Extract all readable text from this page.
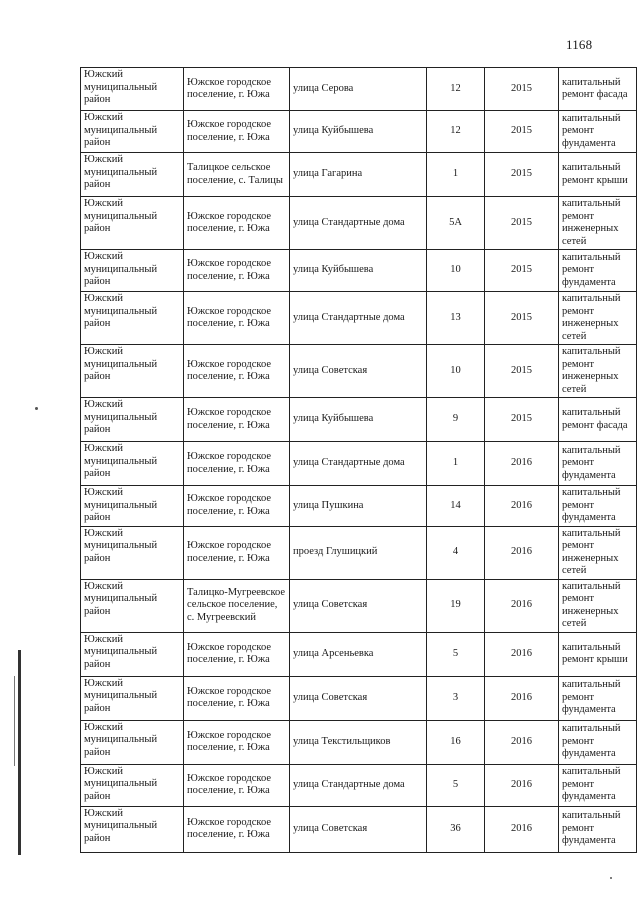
1168
Южский муниципальный район	Южское городское поселение, г. Южа	улица Серова	12	2015	капитальный ремонт фасада
Южский муниципальный район	Южское городское поселение, г. Южа	улица Куйбышева	12	2015	капитальный ремонт фундамента
Южский муниципальный район	Талицкое сельское поселение, с. Талицы	улица Гагарина	1	2015	капитальный ремонт крыши
Южский муниципальный район	Южское городское поселение, г. Южа	улица Стандартные дома	5А	2015	капитальный ремонт инженерных сетей
Южский муниципальный район	Южское городское поселение, г. Южа	улица Куйбышева	10	2015	капитальный ремонт фундамента
Южский муниципальный район	Южское городское поселение, г. Южа	улица Стандартные дома	13	2015	капитальный ремонт инженерных сетей
Южский муниципальный район	Южское городское поселение, г. Южа	улица Советская	10	2015	капитальный ремонт инженерных сетей
Южский муниципальный район	Южское городское поселение, г. Южа	улица Куйбышева	9	2015	капитальный ремонт фасада
Южский муниципальный район	Южское городское поселение, г. Южа	улица Стандартные дома	1	2016	капитальный ремонт фундамента
Южский муниципальный район	Южское городское поселение, г. Южа	улица Пушкина	14	2016	капитальный ремонт фундамента
Южский муниципальный район	Южское городское поселение, г. Южа	проезд Глушицкий	4	2016	капитальный ремонт инженерных сетей
Южский муниципальный район	Талицко-Мугреевское сельское поселение, с. Мугреевский	улица Советская	19	2016	капитальный ремонт инженерных сетей
Южский муниципальный район	Южское городское поселение, г. Южа	улица Арсеньевка	5	2016	капитальный ремонт крыши
Южский муниципальный район	Южское городское поселение, г. Южа	улица Советская	3	2016	капитальный ремонт фундамента
Южский муниципальный район	Южское городское поселение, г. Южа	улица Текстильщиков	16	2016	капитальный ремонт фундамента
Южский муниципальный район	Южское городское поселение, г. Южа	улица Стандартные дома	5	2016	капитальный ремонт фундамента
Южский муниципальный район	Южское городское поселение, г. Южа	улица Советская	36	2016	капитальный ремонт фундамента
